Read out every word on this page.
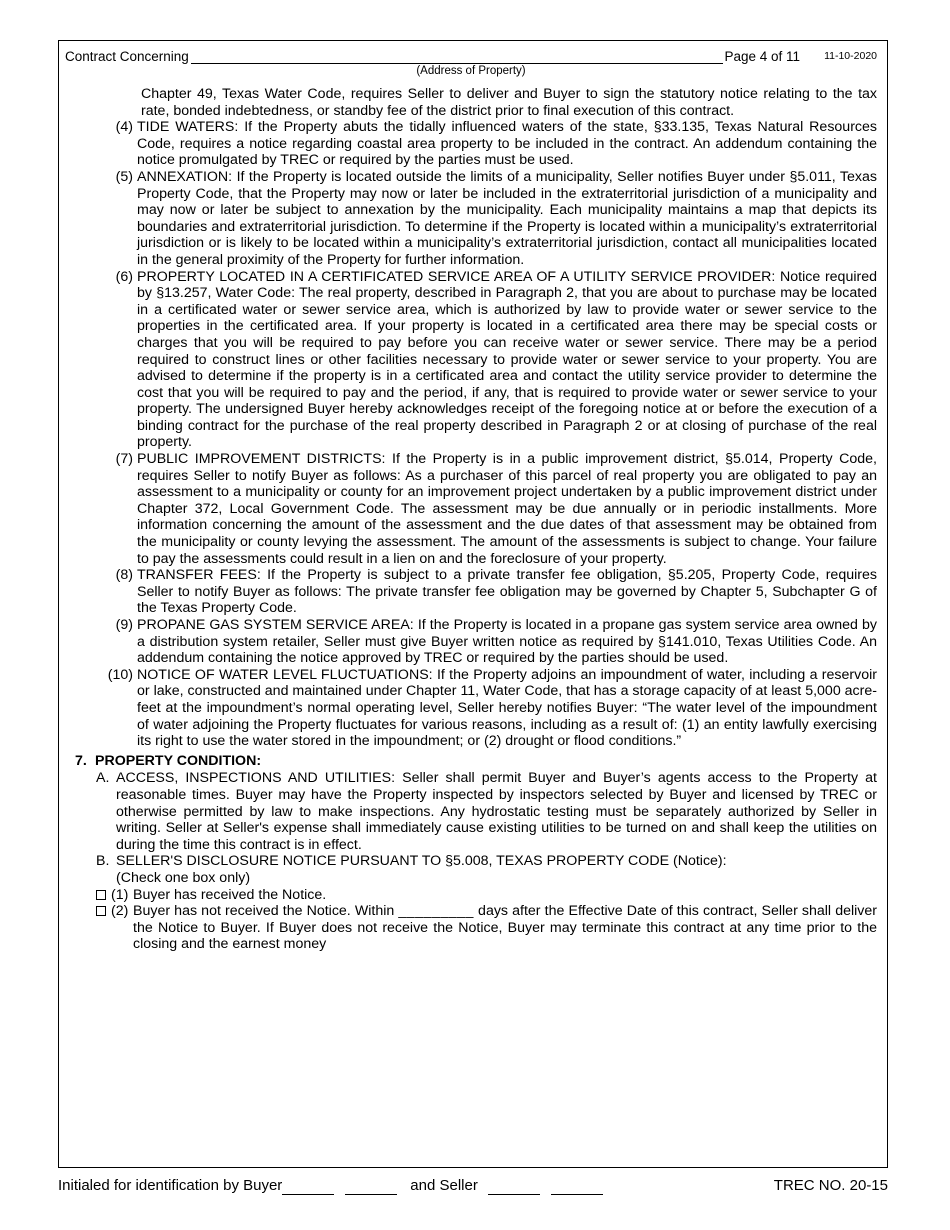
Contract Concerning	Page 4 of 11 11-10-2020
(Address of Property)

Chapter 49, Texas Water Code, requires Seller to deliver and Buyer to sign the statutory notice relating to the tax rate, bonded indebtedness, or standby fee of the district prior to final execution of this contract.

(4) TIDE WATERS: If the Property abuts the tidally influenced waters of the state, §33.135, Texas Natural Resources Code, requires a notice regarding coastal area property to be included in the contract. An addendum containing the notice promulgated by TREC or required by the parties must be used.

(5) ANNEXATION: If the Property is located outside the limits of a municipality, Seller notifies Buyer under §5.011, Texas Property Code, that the Property may now or later be included in the extraterritorial jurisdiction of a municipality and may now or later be subject to annexation by the municipality. Each municipality maintains a map that depicts its boundaries and extraterritorial jurisdiction. To determine if the Property is located within a municipality’s extraterritorial jurisdiction or is likely to be located within a municipality’s extraterritorial jurisdiction, contact all municipalities located in the general proximity of the Property for further information.

(6) PROPERTY LOCATED IN A CERTIFICATED SERVICE AREA OF A UTILITY SERVICE PROVIDER: Notice required by §13.257, Water Code: The real property, described in Paragraph 2, that you are about to purchase may be located in a certificated water or sewer service area, which is authorized by law to provide water or sewer service to the properties in the certificated area. If your property is located in a certificated area there may be special costs or charges that you will be required to pay before you can receive water or sewer service. There may be a period required to construct lines or other facilities necessary to provide water or sewer service to your property. You are advised to determine if the property is in a certificated area and contact the utility service provider to determine the cost that you will be required to pay and the period, if any, that is required to provide water or sewer service to your property. The undersigned Buyer hereby acknowledges receipt of the foregoing notice at or before the execution of a binding contract for the purchase of the real property described in Paragraph 2 or at closing of purchase of the real property.

(7) PUBLIC IMPROVEMENT DISTRICTS: If the Property is in a public improvement district, §5.014, Property Code, requires Seller to notify Buyer as follows: As a purchaser of this parcel of real property you are obligated to pay an assessment to a municipality or county for an improvement project undertaken by a public improvement district under Chapter 372, Local Government Code. The assessment may be due annually or in periodic installments. More information concerning the amount of the assessment and the due dates of that assessment may be obtained from the municipality or county levying the assessment. The amount of the assessments is subject to change. Your failure to pay the assessments could result in a lien on and the foreclosure of your property.

(8) TRANSFER FEES: If the Property is subject to a private transfer fee obligation, §5.205, Property Code, requires Seller to notify Buyer as follows: The private transfer fee obligation may be governed by Chapter 5, Subchapter G of the Texas Property Code.

(9) PROPANE GAS SYSTEM SERVICE AREA: If the Property is located in a propane gas system service area owned by a distribution system retailer, Seller must give Buyer written notice as required by §141.010, Texas Utilities Code. An addendum containing the notice approved by TREC or required by the parties should be used.

(10) NOTICE OF WATER LEVEL FLUCTUATIONS: If the Property adjoins an impoundment of water, including a reservoir or lake, constructed and maintained under Chapter 11, Water Code, that has a storage capacity of at least 5,000 acre-feet at the impoundment’s normal operating level, Seller hereby notifies Buyer: “The water level of the impoundment of water adjoining the Property fluctuates for various reasons, including as a result of: (1) an entity lawfully exercising its right to use the water stored in the impoundment; or (2) drought or flood conditions.”

7. PROPERTY CONDITION:
A. ACCESS, INSPECTIONS AND UTILITIES: Seller shall permit Buyer and Buyer’s agents access to the Property at reasonable times. Buyer may have the Property inspected by inspectors selected by Buyer and licensed by TREC or otherwise permitted by law to make inspections. Any hydrostatic testing must be separately authorized by Seller in writing. Seller at Seller's expense shall immediately cause existing utilities to be turned on and shall keep the utilities on during the time this contract is in effect.

B. SELLER'S DISCLOSURE NOTICE PURSUANT TO §5.008, TEXAS PROPERTY CODE (Notice):

(Check one box only)

(1) Buyer has received the Notice.

(2) Buyer has not received the Notice. Within _________ days after the Effective Date of this contract, Seller shall deliver the Notice to Buyer. If Buyer does not receive the Notice, Buyer may terminate this contract at any time prior to the closing and the earnest money

Initialed for identification by Buyer	and Seller	TREC NO. 20-15
